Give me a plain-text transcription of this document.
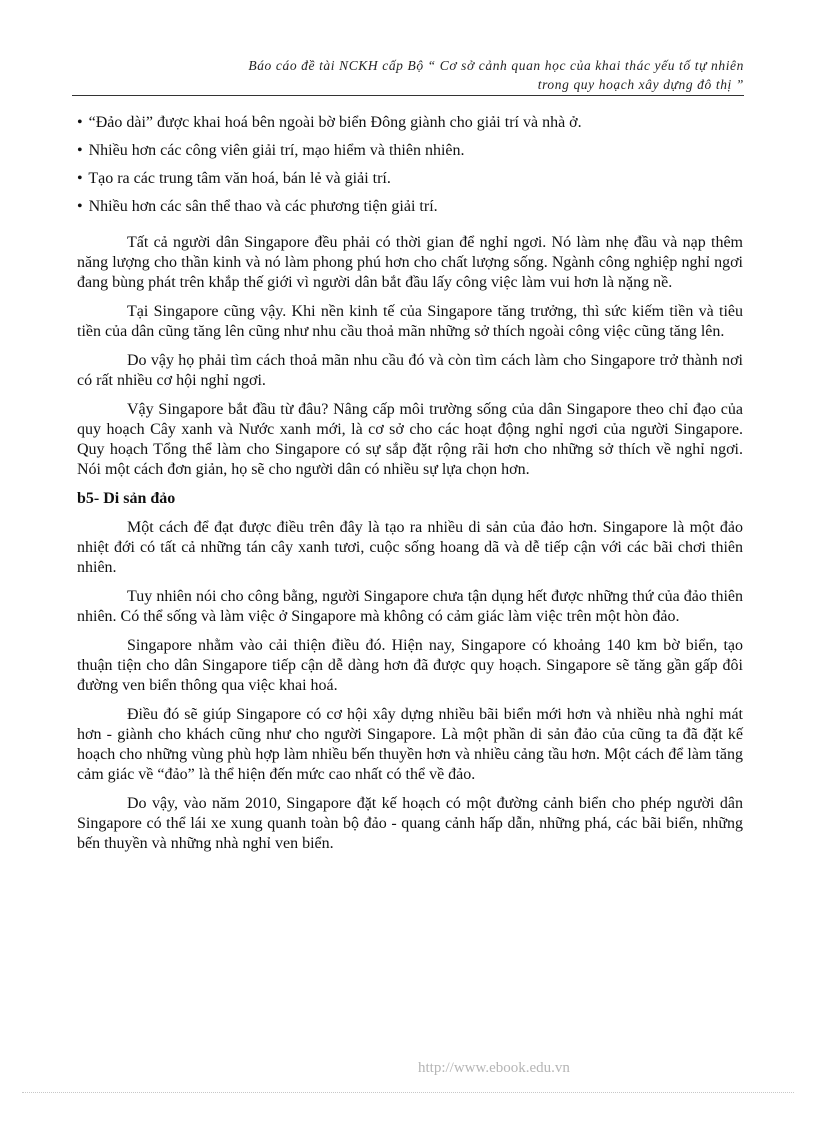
Báo cáo đề tài NCKH cấp Bộ “ Cơ sở cảnh quan học của khai thác yếu tố tự nhiên
trong quy hoạch xây dựng đô thị ”
• “Đảo dài” được khai hoá bên ngoài bờ biển Đông giành cho giải trí và nhà ở.
• Nhiều hơn các công viên giải trí, mạo hiểm và thiên nhiên.
• Tạo ra các trung tâm văn hoá, bán lẻ và giải trí.
• Nhiều hơn các sân thể thao và các phương tiện giải trí.

Tất cả người dân Singapore đều phải có thời gian để nghỉ ngơi. Nó làm nhẹ đầu và nạp thêm năng lượng cho thần kinh và nó làm phong phú hơn cho chất lượng sống. Ngành công nghiệp nghỉ ngơi đang bùng phát trên khắp thế giới vì người dân bắt đầu lấy công việc làm vui hơn là nặng nề.

Tại Singapore cũng vậy. Khi nền kinh tế của Singapore tăng trưởng, thì sức kiếm tiền và tiêu tiền của dân cũng tăng lên cũng như nhu cầu thoả mãn những sở thích ngoài công việc cũng tăng lên.

Do vậy họ phải tìm cách thoả mãn nhu cầu đó và còn tìm cách làm cho Singapore trở thành nơi có rất nhiều cơ hội nghỉ ngơi.

Vậy Singapore bắt đầu từ đâu? Nâng cấp môi trường sống của dân Singapore theo chỉ đạo của quy hoạch Cây xanh và Nước xanh mới, là cơ sở cho các hoạt động nghỉ ngơi của người Singapore. Quy hoạch Tổng thể làm cho Singapore có sự sắp đặt rộng rãi hơn cho những sở thích về nghỉ ngơi. Nói một cách đơn giản, họ sẽ cho người dân có nhiều sự lựa chọn hơn.

b5- Di sản đảo

Một cách để đạt được điều trên đây là tạo ra nhiều di sản của đảo hơn. Singapore là một đảo nhiệt đới có tất cả những tán cây xanh tươi, cuộc sống hoang dã và dễ tiếp cận với các bãi chơi thiên nhiên.

Tuy nhiên nói cho công bằng, người Singapore chưa tận dụng hết được những thứ của đảo thiên nhiên. Có thể sống và làm việc ở Singapore mà không có cảm giác làm việc trên một hòn đảo.

Singapore nhằm vào cải thiện điều đó. Hiện nay, Singapore có khoảng 140 km bờ biển, tạo thuận tiện cho dân Singapore tiếp cận dễ dàng hơn đã được quy hoạch. Singapore sẽ tăng gần gấp đôi đường ven biển thông qua việc khai hoá.

Điều đó sẽ giúp Singapore có cơ hội xây dựng nhiều bãi biển mới hơn và nhiều nhà nghỉ mát hơn - giành cho khách cũng như cho người Singapore. Là một phần di sản đảo của cũng ta đã đặt kế hoạch cho những vùng phù hợp làm nhiều bến thuyền hơn và nhiều cảng tầu hơn. Một cách để làm tăng cảm giác về “đảo” là thể hiện đến mức cao nhất có thể về đảo.

Do vậy, vào năm 2010, Singapore đặt kế hoạch có một đường cảnh biển cho phép người dân Singapore có thể lái xe xung quanh toàn bộ đảo - quang cảnh hấp dẫn, những phá, các bãi biển, những bến thuyền và những nhà nghỉ ven biển.

http://www.ebook.edu.vn
